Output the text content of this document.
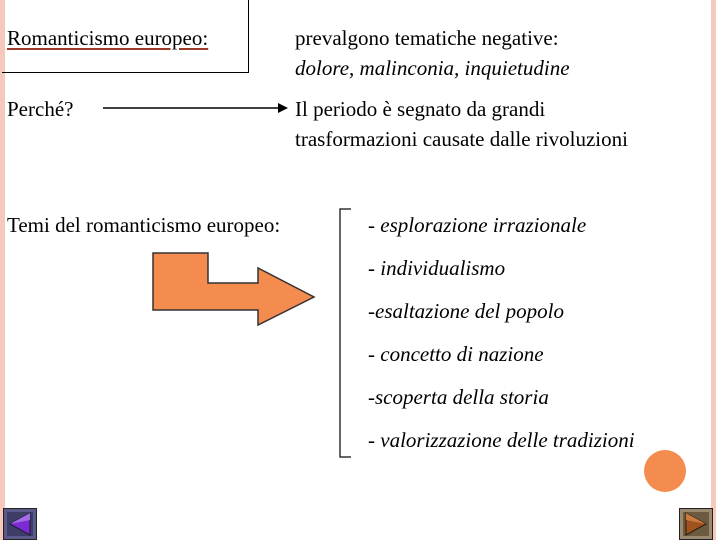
Romanticismo europeo:	prevalgono tematiche negative:
dolore, malinconia, inquietudine
Perché?	Il periodo è segnato da grandi
trasformazioni causate dalle rivoluzioni
Temi del romanticismo europeo:	- esplorazione irrazionale
- individualismo
-esaltazione del popolo
- concetto di nazione
-scoperta della storia
- valorizzazione delle tradizioni
